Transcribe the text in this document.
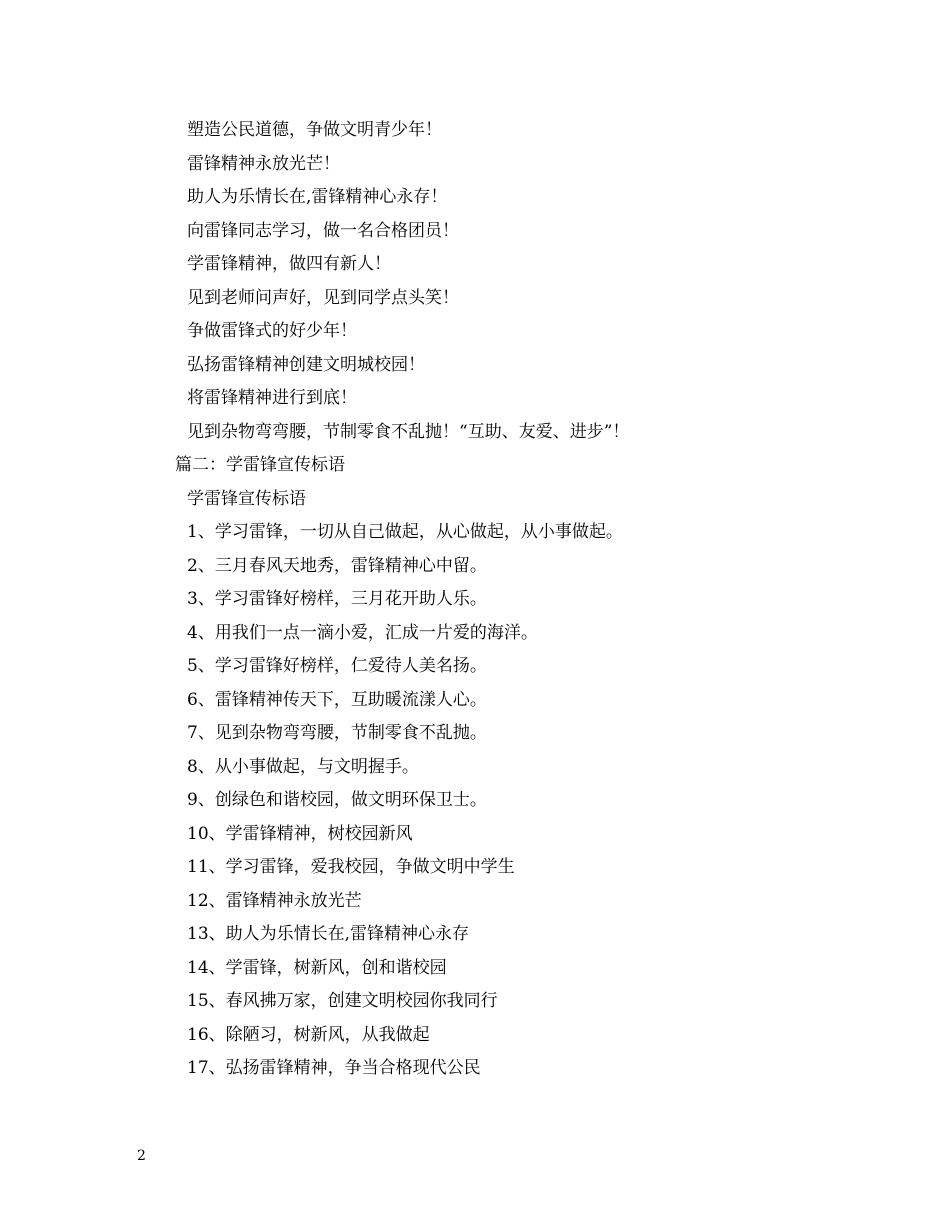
塑造公民道德，争做文明青少年！
雷锋精神永放光芒！
助人为乐情长在,雷锋精神心永存！
向雷锋同志学习，做一名合格团员！
学雷锋精神，做四有新人！
见到老师问声好，见到同学点头笑！
争做雷锋式的好少年！
弘扬雷锋精神创建文明城校园！
将雷锋精神进行到底！
见到杂物弯弯腰，节制零食不乱抛！“互助、友爱、进步”！
篇二：学雷锋宣传标语
学雷锋宣传标语
1、学习雷锋，一切从自己做起，从心做起，从小事做起。
2、三月春风天地秀，雷锋精神心中留。
3、学习雷锋好榜样，三月花开助人乐。
4、用我们一点一滴小爱，汇成一片爱的海洋。
5、学习雷锋好榜样，仁爱待人美名扬。
6、雷锋精神传天下，互助暖流漾人心。
7、见到杂物弯弯腰，节制零食不乱抛。
8、从小事做起，与文明握手。
9、创绿色和谐校园，做文明环保卫士。
10、学雷锋精神，树校园新风
11、学习雷锋，爱我校园，争做文明中学生
12、雷锋精神永放光芒
13、助人为乐情长在,雷锋精神心永存
14、学雷锋，树新风，创和谐校园
15、春风拂万家，创建文明校园你我同行
16、除陋习，树新风，从我做起
17、弘扬雷锋精神，争当合格现代公民
2
